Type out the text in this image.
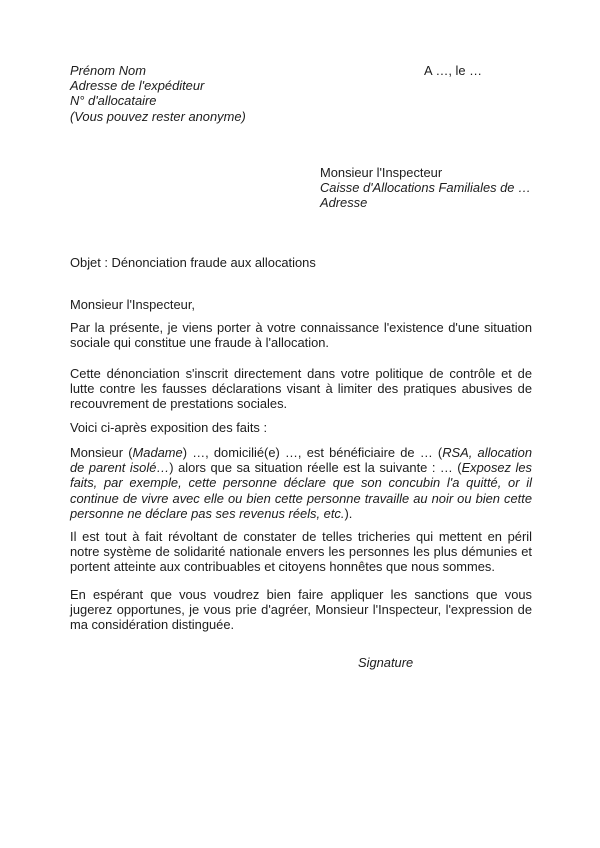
Prénom Nom
Adresse de l'expéditeur
N° d'allocataire
(Vous pouvez rester anonyme)
A …, le …
Monsieur l'Inspecteur
Caisse d'Allocations Familiales de …
Adresse
Objet : Dénonciation fraude aux allocations
Monsieur l'Inspecteur,

Par la présente, je viens porter à votre connaissance l'existence d'une situation sociale qui constitue une fraude à l'allocation.

Cette dénonciation s'inscrit directement dans votre politique de contrôle et de lutte contre les fausses déclarations visant à limiter des pratiques abusives de recouvrement de prestations sociales.

Voici ci-après exposition des faits :

Monsieur (Madame) …, domicilié(e) …, est bénéficiaire de … (RSA, allocation de parent isolé…) alors que sa situation réelle est la suivante : … (Exposez les faits, par exemple, cette personne déclare que son concubin l'a quitté, or il continue de vivre avec elle ou bien cette personne travaille au noir ou bien cette personne ne déclare pas ses revenus réels, etc.).

Il est tout à fait révoltant de constater de telles tricheries qui mettent en péril notre système de solidarité nationale envers les personnes les plus démunies et portent atteinte aux contribuables et citoyens honnêtes que nous sommes.

En espérant que vous voudrez bien faire appliquer les sanctions que vous jugerez opportunes, je vous prie d'agréer, Monsieur l'Inspecteur, l'expression de ma considération distinguée.

Signature
